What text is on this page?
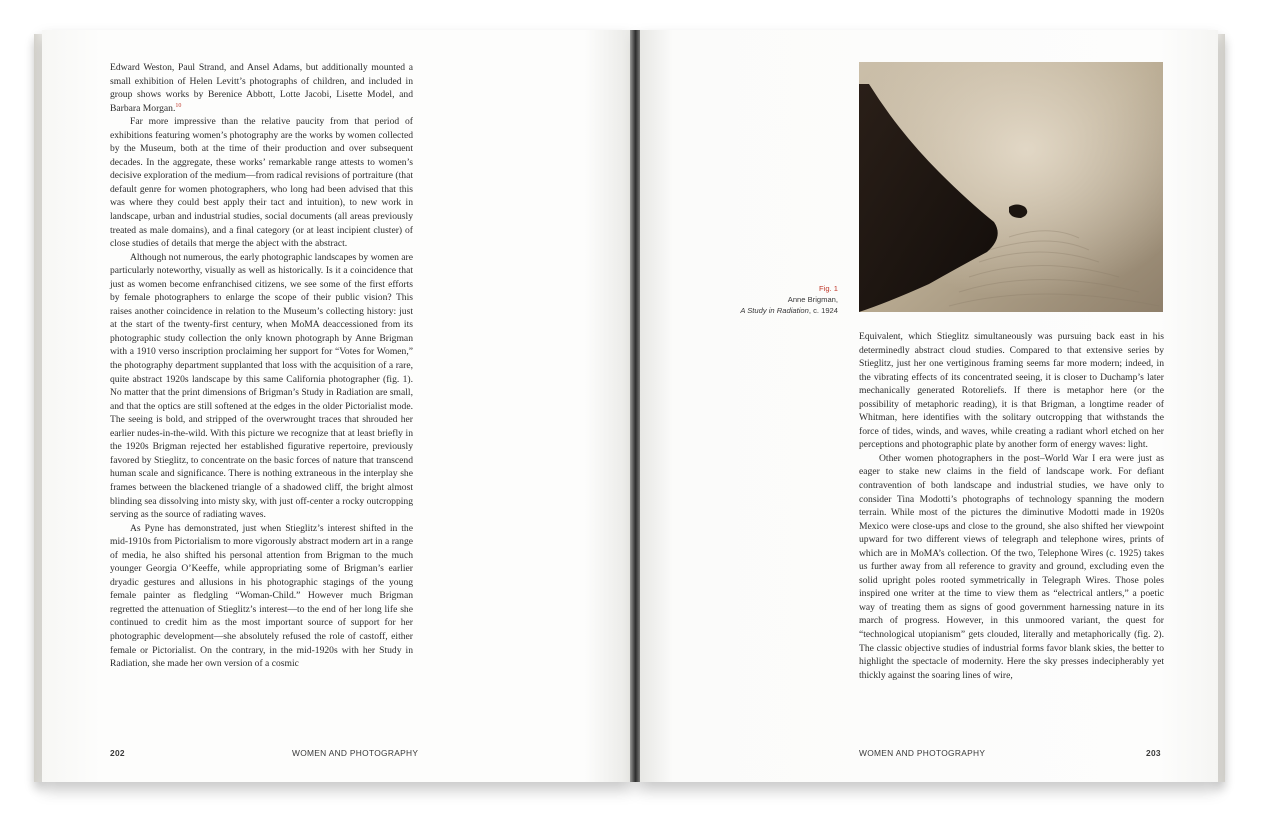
Edward Weston, Paul Strand, and Ansel Adams, but additionally mounted a small exhibition of Helen Levitt’s photographs of children, and included in group shows works by Berenice Abbott, Lotte Jacobi, Lisette Model, and Barbara Morgan.$^{10}$

Far more impressive than the relative paucity from that period of exhibitions featuring women’s photography are the works by women collected by the Museum, both at the time of their production and over subsequent decades. In the aggregate, these works’ remarkable range attests to women’s decisive exploration of the medium—from radical revisions of portraiture (that default genre for women photographers, who long had been advised that this was where they could best apply their tact and intuition), to new work in landscape, urban and industrial studies, social documents (all areas previously treated as male domains), and a final category (or at least incipient cluster) of close studies of details that merge the abject with the abstract.

Although not numerous, the early photographic landscapes by women are particularly noteworthy, visually as well as historically. Is it a coincidence that just as women become enfranchised citizens, we see some of the first efforts by female photographers to enlarge the scope of their public vision? This raises another coincidence in relation to the Museum’s collecting history: just at the start of the twenty-first century, when MoMA deaccessioned from its photographic study collection the only known photograph by Anne Brigman with a 1910 verso inscription proclaiming her support for “Votes for Women,” the photography department supplanted that loss with the acquisition of a rare, quite abstract 1920s landscape by this same California photographer (fig. 1). No matter that the print dimensions of Brigman’s Study in Radiation are small, and that the optics are still softened at the edges in the older Pictorialist mode. The seeing is bold, and stripped of the overwrought traces that shrouded her earlier nudes-in-the-wild. With this picture we recognize that at least briefly in the 1920s Brigman rejected her established figurative repertoire, previously favored by Stieglitz, to concentrate on the basic forces of nature that transcend human scale and significance. There is nothing extraneous in the interplay she frames between the blackened triangle of a shadowed cliff, the bright almost blinding sea dissolving into misty sky, with just off-center a rocky outcropping serving as the source of radiating waves.

As Pyne has demonstrated, just when Stieglitz’s interest shifted in the mid-1910s from Pictorialism to more vigorously abstract modern art in a range of media, he also shifted his personal attention from Brigman to the much younger Georgia O’Keeffe, while appropriating some of Brigman’s earlier dryadic gestures and allusions in his photographic stagings of the young female painter as fledgling “Woman-Child.” However much Brigman regretted the attenuation of Stieglitz’s interest—to the end of her long life she continued to credit him as the most important source of support for her photographic development—she absolutely refused the role of castoff, either female or Pictorialist. On the contrary, in the mid-1920s with her Study in Radiation, she made her own version of a cosmic

202	WOMEN AND PHOTOGRAPHY
Fig. 1
Anne Brigman,
A Study in Radiation, c. 1924

Equivalent, which Stieglitz simultaneously was pursuing back east in his determinedly abstract cloud studies. Compared to that extensive series by Stieglitz, just her one vertiginous framing seems far more modern; indeed, in the vibrating effects of its concentrated seeing, it is closer to Duchamp’s later mechanically generated Rotoreliefs. If there is metaphor here (or the possibility of metaphoric reading), it is that Brigman, a longtime reader of Whitman, here identifies with the solitary outcropping that withstands the force of tides, winds, and waves, while creating a radiant whorl etched on her perceptions and photographic plate by another form of energy waves: light.

Other women photographers in the post–World War I era were just as eager to stake new claims in the field of landscape work. For defiant contravention of both landscape and industrial studies, we have only to consider Tina Modotti’s photographs of technology spanning the modern terrain. While most of the pictures the diminutive Modotti made in 1920s Mexico were close-ups and close to the ground, she also shifted her viewpoint upward for two different views of telegraph and telephone wires, prints of which are in MoMA’s collection. Of the two, Telephone Wires (c. 1925) takes us further away from all reference to gravity and ground, excluding even the solid upright poles rooted symmetrically in Telegraph Wires. Those poles inspired one writer at the time to view them as “electrical antlers,” a poetic way of treating them as signs of good government harnessing nature in its march of progress. However, in this unmoored variant, the quest for “technological utopianism” gets clouded, literally and metaphorically (fig. 2). The classic objective studies of industrial forms favor blank skies, the better to highlight the spectacle of modernity. Here the sky presses indecipherably yet thickly against the soaring lines of wire,

WOMEN AND PHOTOGRAPHY	203
